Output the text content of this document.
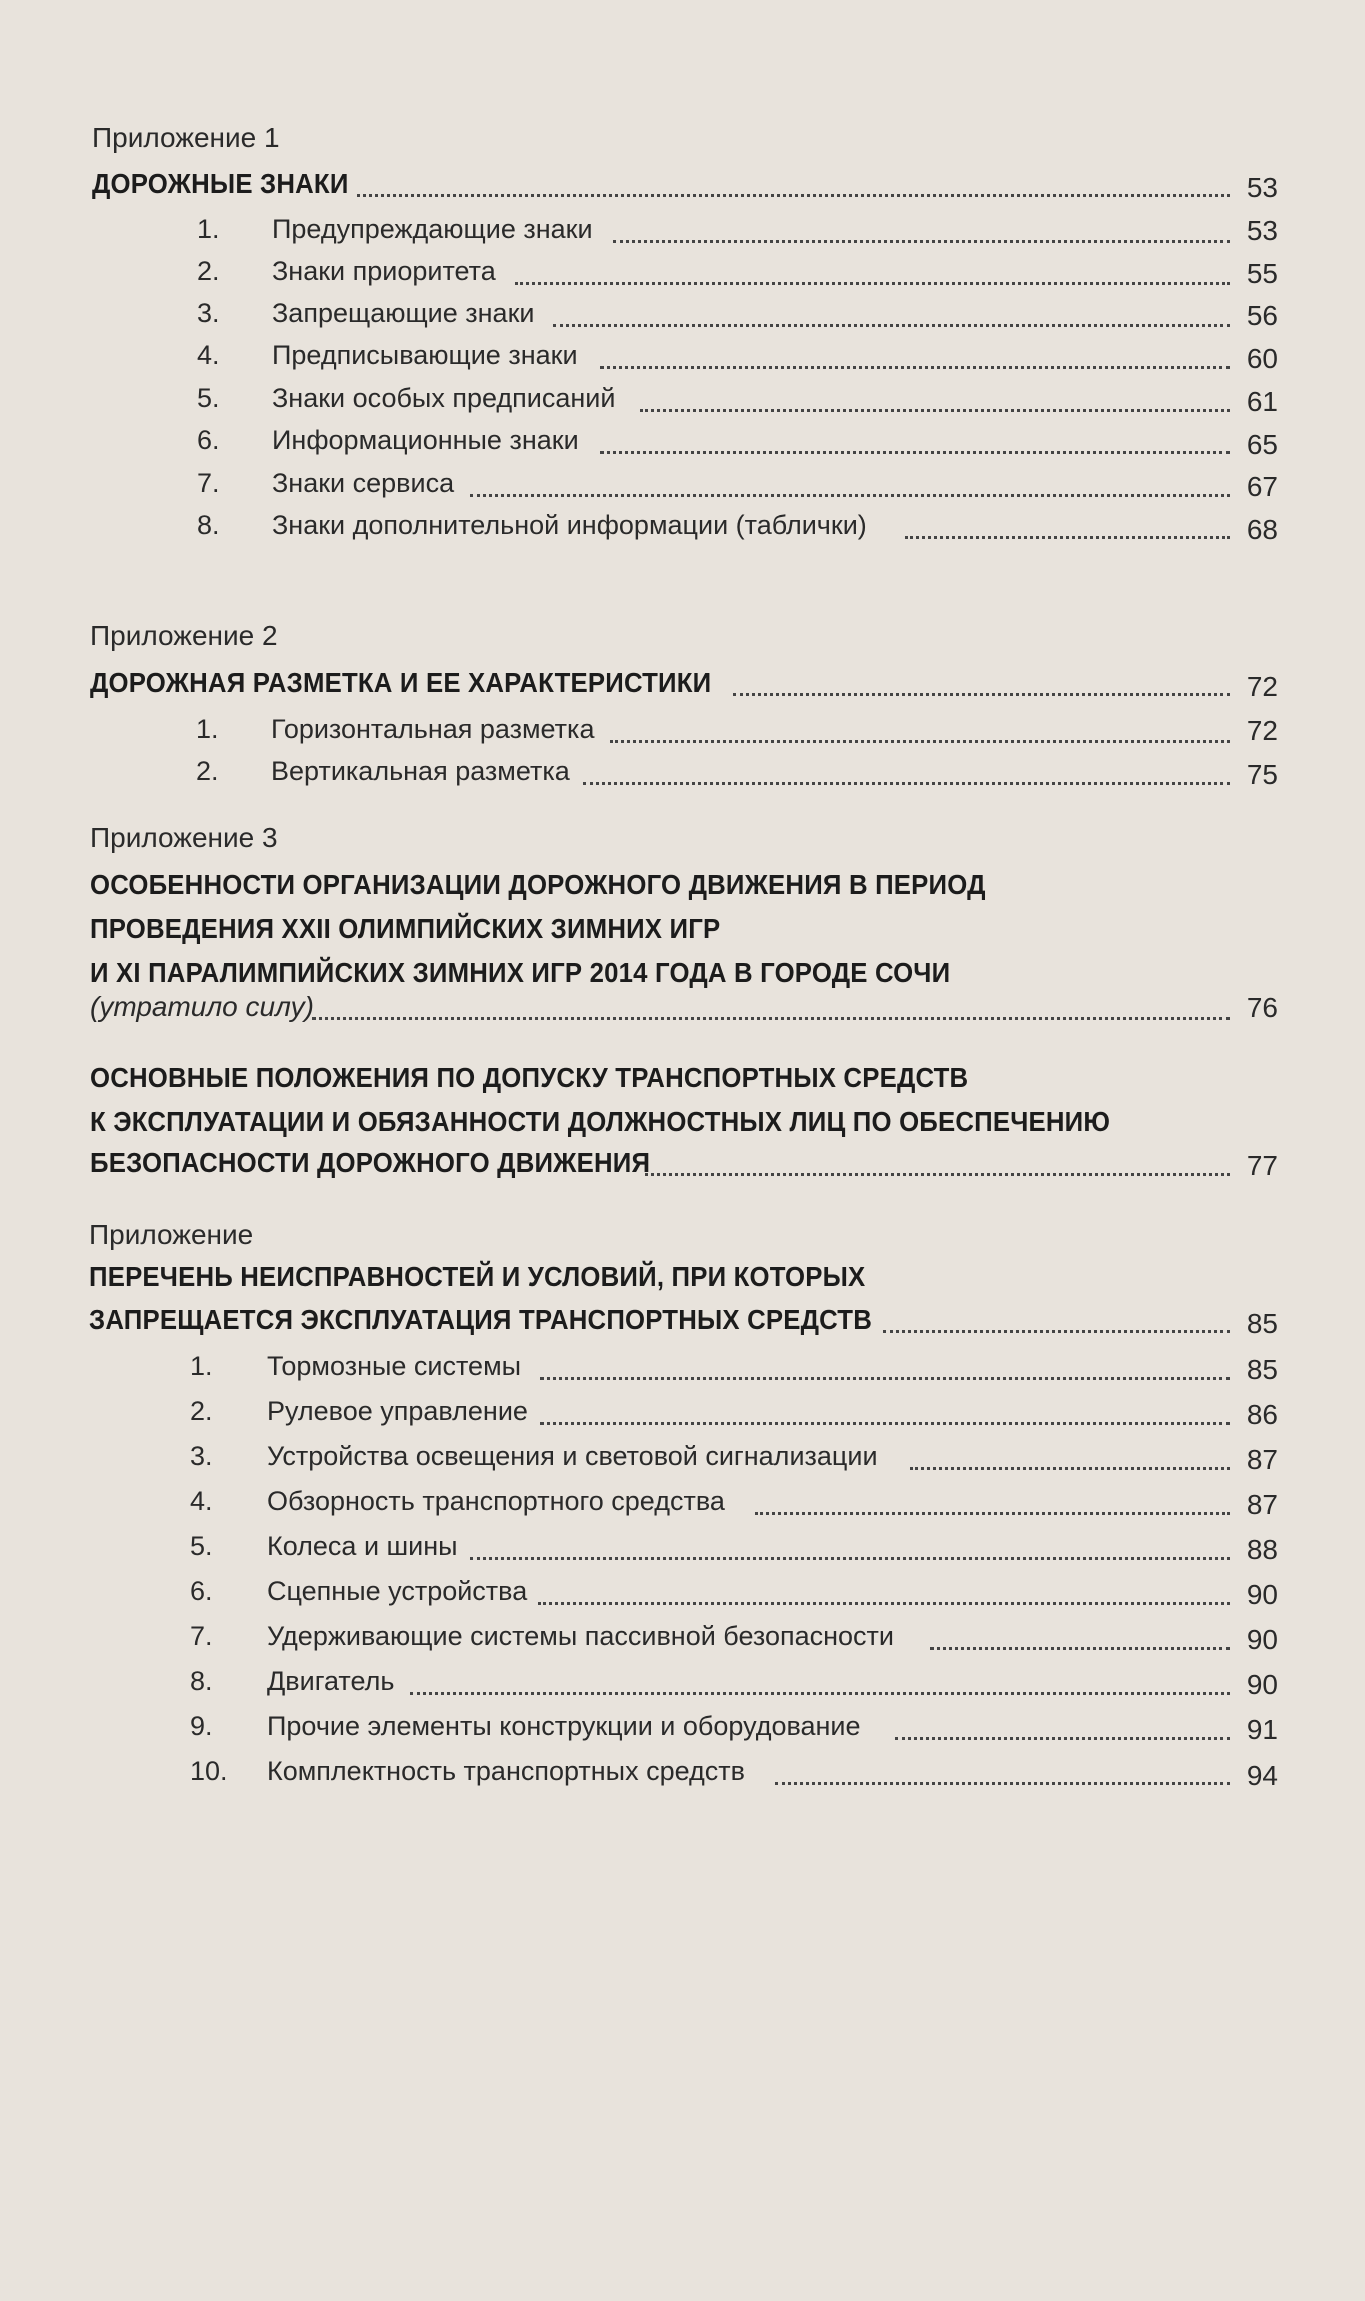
Приложение 1
ДОРОЖНЫЕ ЗНАКИ	53
1. Предупреждающие знаки	53
2. Знаки приоритета	55
3. Запрещающие знаки	56
4. Предписывающие знаки	60
5. Знаки особых предписаний	61
6. Информационные знаки	65
7. Знаки сервиса	67
8. Знаки дополнительной информации (таблички)	68
Приложение 2
ДОРОЖНАЯ РАЗМЕТКА И ЕЕ ХАРАКТЕРИСТИКИ	72
1. Горизонтальная разметка	72
2. Вертикальная разметка	75
Приложение 3
ОСОБЕННОСТИ ОРГАНИЗАЦИИ ДОРОЖНОГО ДВИЖЕНИЯ В ПЕРИОД
ПРОВЕДЕНИЯ XXII ОЛИМПИЙСКИХ ЗИМНИХ ИГР
И XI ПАРАЛИМПИЙСКИХ ЗИМНИХ ИГР 2014 ГОДА В ГОРОДЕ СОЧИ
(утратило силу)	76
ОСНОВНЫЕ ПОЛОЖЕНИЯ ПО ДОПУСКУ ТРАНСПОРТНЫХ СРЕДСТВ
К ЭКСПЛУАТАЦИИ И ОБЯЗАННОСТИ ДОЛЖНОСТНЫХ ЛИЦ ПО ОБЕСПЕЧЕНИЮ
БЕЗОПАСНОСТИ ДОРОЖНОГО ДВИЖЕНИЯ	77
Приложение
ПЕРЕЧЕНЬ НЕИСПРАВНОСТЕЙ И УСЛОВИЙ, ПРИ КОТОРЫХ
ЗАПРЕЩАЕТСЯ ЭКСПЛУАТАЦИЯ ТРАНСПОРТНЫХ СРЕДСТВ	85
1. Тормозные системы	85
2. Рулевое управление	86
3. Устройства освещения и световой сигнализации	87
4. Обзорность транспортного средства	87
5. Колеса и шины	88
6. Сцепные устройства	90
7. Удерживающие системы пассивной безопасности	90
8. Двигатель	90
9. Прочие элементы конструкции и оборудование	91
10. Комплектность транспортных средств	94
